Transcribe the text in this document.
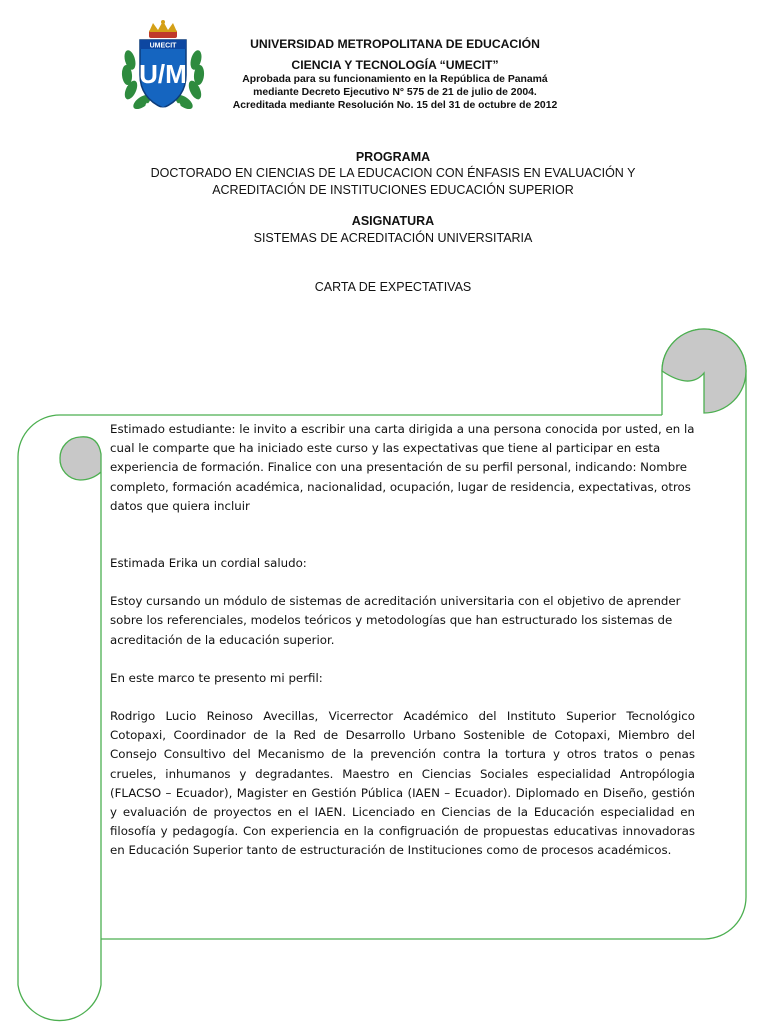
UMECIT
U/M
UNIVERSIDAD METROPOLITANA DE EDUCACIÓN
CIENCIA Y TECNOLOGÍA “UMECIT”
Aprobada para su funcionamiento en la República de Panamá
mediante Decreto Ejecutivo N° 575 de 21 de julio de 2004.
Acreditada mediante Resolución No. 15 del 31 de octubre de 2012
PROGRAMA
DOCTORADO EN CIENCIAS DE LA EDUCACION CON ÉNFASIS EN EVALUACIÓN Y
ACREDITACIÓN DE INSTITUCIONES EDUCACIÓN SUPERIOR
ASIGNATURA
SISTEMAS DE ACREDITACIÓN UNIVERSITARIA
CARTA DE EXPECTATIVAS

Estimado estudiante: le invito a escribir una carta dirigida a una persona conocida por usted, en la cual le comparte que ha iniciado este curso y las expectativas que tiene al participar en esta experiencia de formación. Finalice con una presentación de su perfil personal, indicando: Nombre completo, formación académica, nacionalidad, ocupación, lugar de residencia, expectativas, otros datos que quiera incluir

Estimada Erika un cordial saludo:

Estoy cursando un módulo de sistemas de acreditación universitaria con el objetivo de aprender sobre los referenciales, modelos teóricos y metodologías que han estructurado los sistemas de acreditación de la educación superior.

En este marco te presento mi perfil:

Rodrigo Lucio Reinoso Avecillas, Vicerrector Académico del Instituto Superior Tecnológico Cotopaxi, Coordinador de la Red de Desarrollo Urbano Sostenible de Cotopaxi, Miembro del Consejo Consultivo del Mecanismo de la prevención contra la tortura y otros tratos o penas crueles, inhumanos y degradantes. Maestro en Ciencias Sociales especialidad Antropólogia (FLACSO – Ecuador), Magister en Gestión Pública (IAEN – Ecuador). Diplomado en Diseño, gestión y evaluación de proyectos en el IAEN. Licenciado en Ciencias de la Educación especialidad en filosofía y pedagogía. Con experiencia en la configruación de propuestas educativas innovadoras en Educación Superior tanto de estructuración de Instituciones como de procesos académicos.
